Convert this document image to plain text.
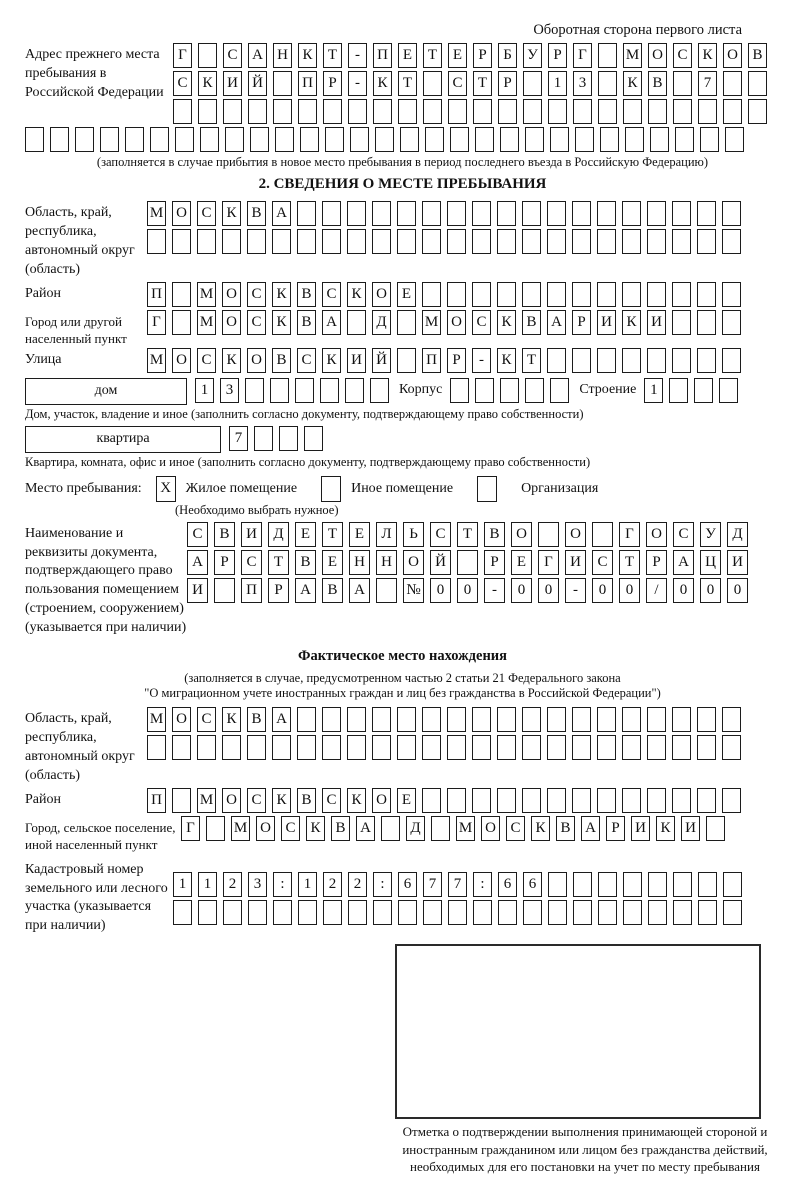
Оборотная сторона первого листа
Адрес прежнего места пребывания в Российской Федерации
Г	С А Н К	Т	-	П Е	Т	Е	Р	Б	У	Р	Г	М О С К О В
С К И Й	П	Р	-	К	Т	С	Т	Р	1	3	К В	7
(заполняется в случае прибытия в новое место пребывания в период последнего въезда в Российскую Федерацию)
2. СВЕДЕНИЯ О МЕСТЕ ПРЕБЫВАНИЯ
Область, край, республика, автономный округ (область)
М О С К В А
Район	П	М О С К В С К О Е
Город или другой населенный пункт
Г	М О С К В А	Д	М О С К В А	Р	И К И
Улица	М О С К О В С К И Й	П	Р	-	К	Т
дом	1	3	Корпус	Строение 1
Дом, участок, владение и иное (заполнить согласно документу, подтверждающему право собственности)
квартира	7
Квартира, комната, офис и иное (заполнить согласно документу, подтверждающему право собственности)
Место пребывания:	X	Жилое помещение	Иное помещение	Организация
(Необходимо выбрать нужное)
Наименование и реквизиты документа, подтверждающего право пользования помещением (строением, сооружением) (указывается при наличии)
С	В	И	Д	Е	Т	Е	Л	Ь	С	Т	В	О	О	Г	О	С	У	Д
А	Р	С	Т	В	Е	Н	Н	О	Й	Р	Е	Г	И	С	Т	Р	А	Ц	И
И	П	Р	А	В	А	№	0	0	-	0	0	-	0	0	/	0	0	0
Фактическое место нахождения
(заполняется в случае, предусмотренном частью 2 статьи 21 Федерального закона
"О миграционном учете иностранных граждан и лиц без гражданства в Российской Федерации")
Область, край, республика, автономный округ (область)
М О С К В А
Район	П	М О С К В С К О Е
Город, сельское поселение, иной населенный пункт
Г	М О С К В А	Д	М О С К В А	Р	И К И
Кадастровый номер земельного или лесного участка (указывается при наличии)
1	1	2	3	:	1	2	2	:	6	7	7	:	6	6
Отметка о подтверждении выполнения принимающей стороной и иностранным гражданином или лицом без гражданства действий, необходимых для его постановки на учет по месту пребывания
